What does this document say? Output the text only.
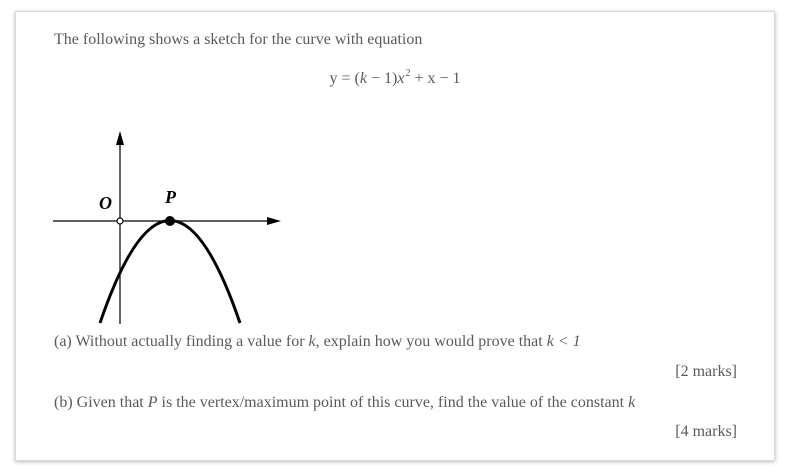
The following shows a sketch for the curve with equation
$y = (k - 1)x^2 + x - 1$
O	P
(a) Without actually finding a value for k, explain how you would prove that k < 1
[2 marks]
(b) Given that P is the vertex/maximum point of this curve, find the value of the constant k
[4 marks]
